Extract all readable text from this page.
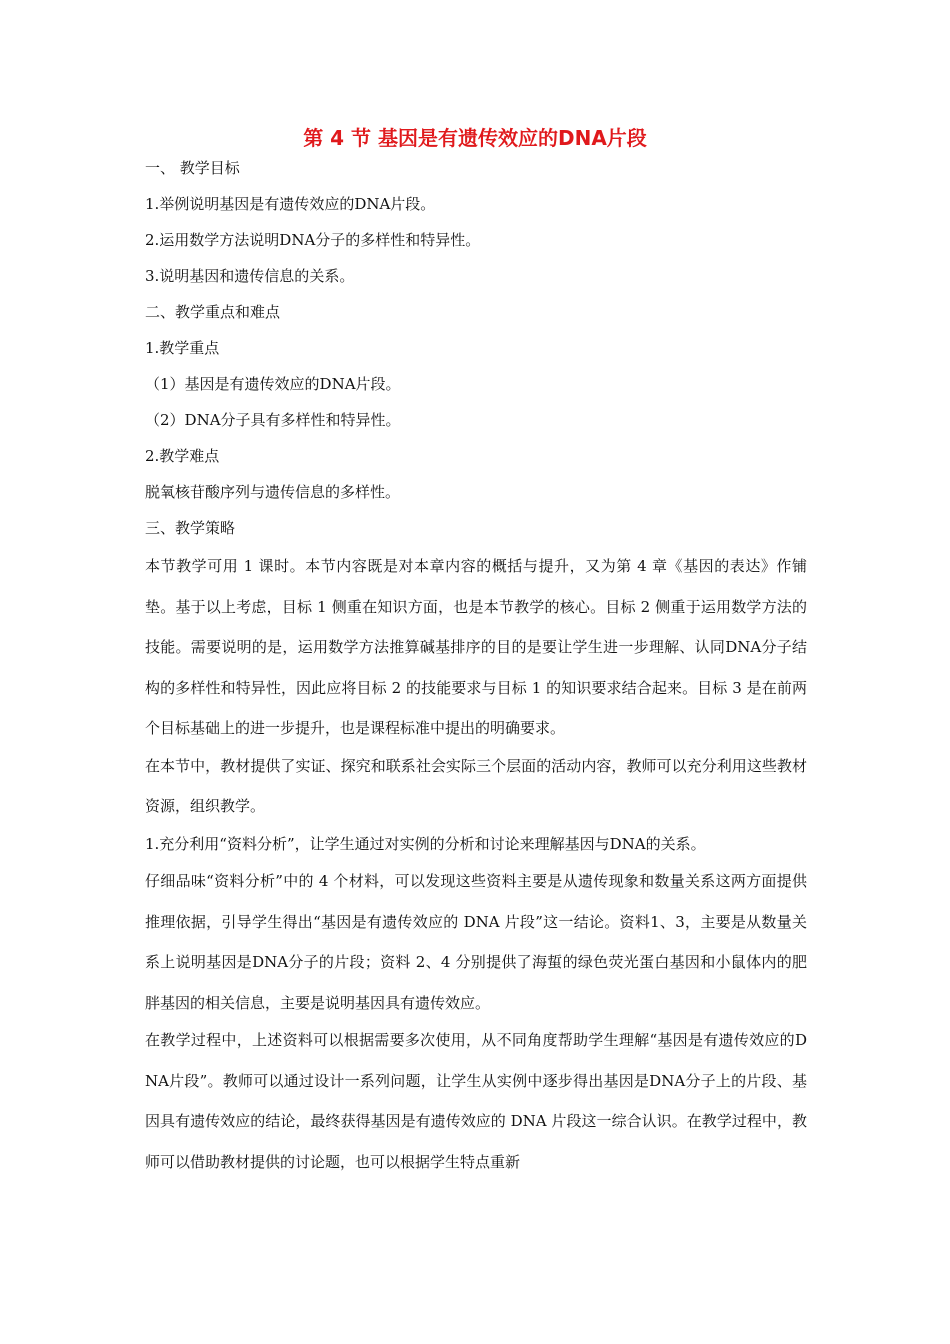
第 4 节 基因是有遗传效应的DNA片段
一、 教学目标
1.举例说明基因是有遗传效应的DNA片段。
2.运用数学方法说明DNA分子的多样性和特异性。
3.说明基因和遗传信息的关系。
二、教学重点和难点
1.教学重点
（1）基因是有遗传效应的DNA片段。
（2）DNA分子具有多样性和特异性。
2.教学难点
脱氧核苷酸序列与遗传信息的多样性。
三、教学策略
本节教学可用 1 课时。本节内容既是对本章内容的概括与提升，又为第 4 章《基因的表达》作铺垫。基于以上考虑，目标 1 侧重在知识方面，也是本节教学的核心。目标 2 侧重于运用数学方法的技能。需要说明的是，运用数学方法推算碱基排序的目的是要让学生进一步理解、认同DNA分子结构的多样性和特异性，因此应将目标 2 的技能要求与目标 1 的知识要求结合起来。目标 3 是在前两个目标基础上的进一步提升，也是课程标准中提出的明确要求。
在本节中，教材提供了实证、探究和联系社会实际三个层面的活动内容，教师可以充分利用这些教材资源，组织教学。
1.充分利用“资料分析”，让学生通过对实例的分析和讨论来理解基因与DNA的关系。
仔细品味“资料分析”中的 4 个材料，可以发现这些资料主要是从遗传现象和数量关系这两方面提供推理依据，引导学生得出“基因是有遗传效应的 DNA 片段”这一结论。资料1、3，主要是从数量关系上说明基因是DNA分子的片段；资料 2、4 分别提供了海蜇的绿色荧光蛋白基因和小鼠体内的肥胖基因的相关信息，主要是说明基因具有遗传效应。
在教学过程中，上述资料可以根据需要多次使用，从不同角度帮助学生理解“基因是有遗传效应的DNA片段”。教师可以通过设计一系列问题，让学生从实例中逐步得出基因是DNA分子上的片段、基因具有遗传效应的结论，最终获得基因是有遗传效应的 DNA 片段这一综合认识。在教学过程中，教师可以借助教材提供的讨论题，也可以根据学生特点重新
